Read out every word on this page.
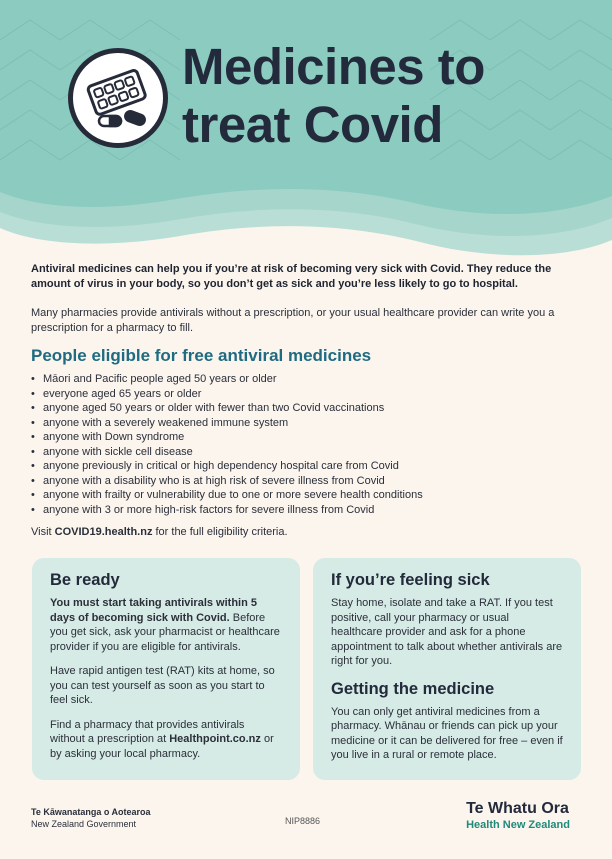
Medicines to
treat Covid

Antiviral medicines can help you if you’re at risk of becoming very sick with Covid. They reduce the amount of virus in your body, so you don’t get as sick and you’re less likely to go to hospital.

Many pharmacies provide antivirals without a prescription, or your usual healthcare provider can write you a prescription for a pharmacy to fill.

People eligible for free antiviral medicines
• Māori and Pacific people aged 50 years or older
• everyone aged 65 years or older
• anyone aged 50 years or older with fewer than two Covid vaccinations
• anyone with a severely weakened immune system
• anyone with Down syndrome
• anyone with sickle cell disease
• anyone previously in critical or high dependency hospital care from Covid
• anyone with a disability who is at high risk of severe illness from Covid
• anyone with frailty or vulnerability due to one or more severe health conditions
• anyone with 3 or more high-risk factors for severe illness from Covid

Visit COVID19.health.nz for the full eligibility criteria.

Be ready

You must start taking antivirals within 5 days of becoming sick with Covid. Before you get sick, ask your pharmacist or healthcare provider if you are eligible for antivirals.

Have rapid antigen test (RAT) kits at home, so you can test yourself as soon as you start to feel sick.

Find a pharmacy that provides antivirals without a prescription at Healthpoint.co.nz or by asking your local pharmacy.

If you’re feeling sick

Stay home, isolate and take a RAT. If you test positive, call your pharmacy or usual healthcare provider and ask for a phone appointment to talk about whether antivirals are right for you.

Getting the medicine

You can only get antiviral medicines from a pharmacy. Whānau or friends can pick up your medicine or it can be delivered for free – even if you live in a rural or remote place.

Te Kāwanatanga o Aotearoa
New Zealand Government	NIP8886
Te Whatu Ora
Health New Zealand
